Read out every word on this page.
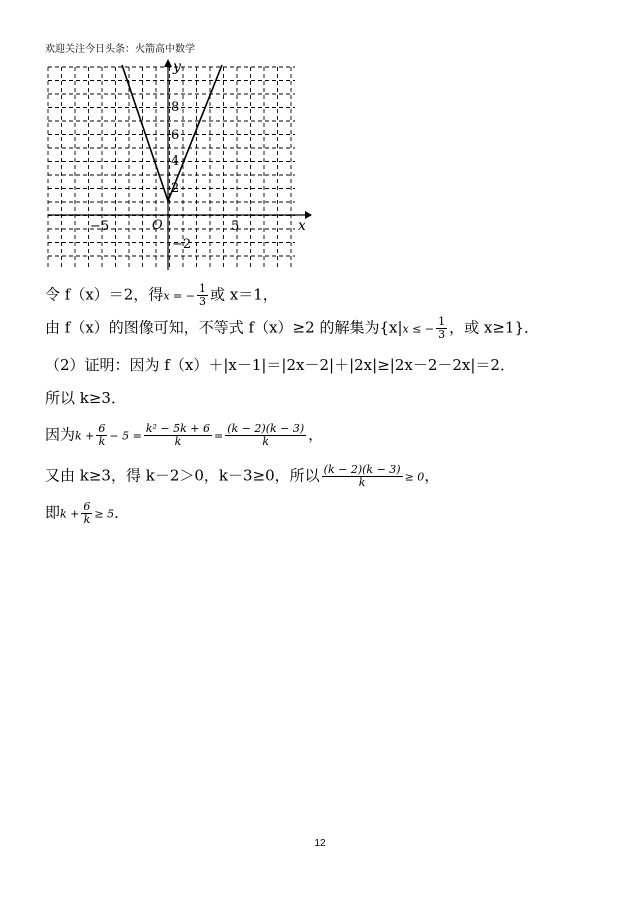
欢迎关注今日头条：火箭高中数学
x
y
O
−5	5
8
6
4
2
−2
令 f（x）＝2，得x = − $\frac{1}{3}$ 或 x＝1，
由 f（x）的图像可知，不等式 f（x）≥2 的解集为{x|x ≤ − $\frac{1}{3}$ ，或 x≥1}．
（2）证明：因为 f（x）＋|x－1|＝|2x－2|＋|2x|≥|2x－2－2x|＝2．
所以 k≥3．
因为$k + \frac{6}{k} - 5 = \frac{\text{k² − 5k + 6}}{k} = \frac{(k - 2)(k - 3)}{k}$ ，
又由 k≥3，得 k－2＞0，k－3≥0，所以 $\frac{(k - 2)(k - 3)}{k} \ge 0$，
即$k + \frac{6}{k} \ge 5$．
12
